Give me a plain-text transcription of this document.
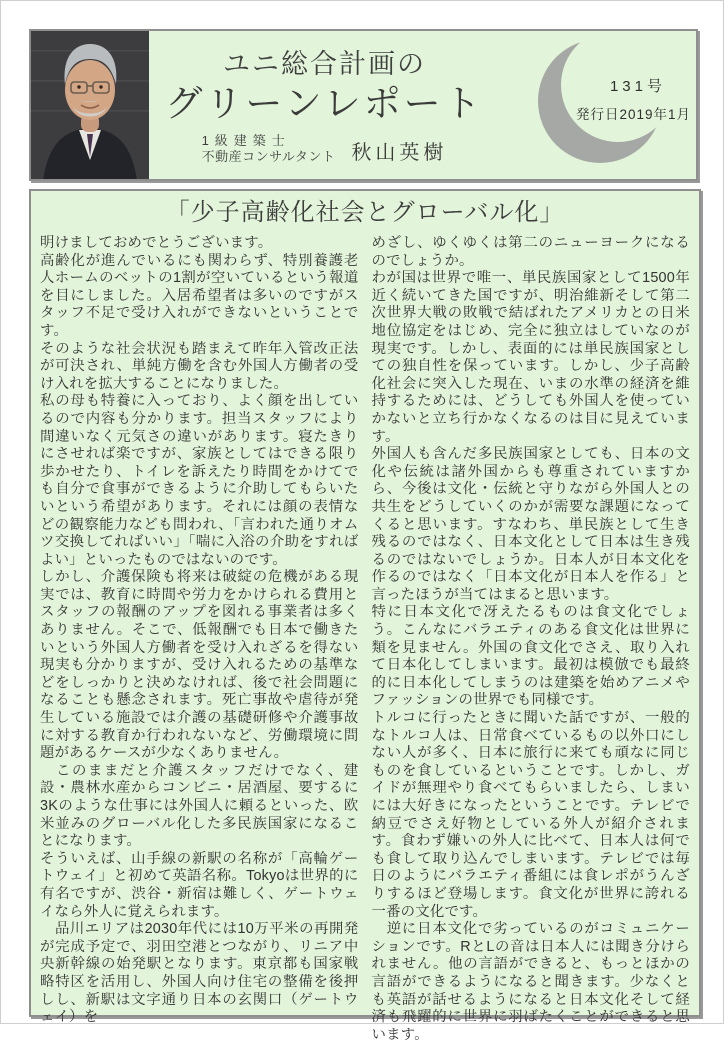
ユニ総合計画の
グリーンレポート
1級建築士
不動産コンサルタント 秋山英樹
131号
発行日2019年1月
「少子高齢化社会とグローバル化」

明けましておめでとうございます。

高齢化が進んでいるにも関わらず、特別養護老人ホームのベットの1割が空いているという報道を目にしました。入居希望者は多いのですがスタッフ不足で受け入れができないということです。

そのような社会状況も踏まえて昨年入管改正法が可決され、単純方働を含む外国人方働者の受け入れを拡大することになりました。

私の母も特養に入っており、よく顔を出しているので内容も分かります。担当スタッフにより間違いなく元気さの違いがあります。寝たきりにさせれば楽ですが、家族としてはできる限り歩かせたり、トイレを訴えたり時間をかけてでも自分で食事ができるように介助してもらいたいという希望があります。それには顔の表情などの観察能力なども問われ、「言われた通りオムツ交換してればいい」「喘に入浴の介助をすればよい」といったものではないのです。

しかし、介護保険も将来は破綻の危機がある現実では、教育に時間や労力をかけられる費用とスタッフの報酬のアップを図れる事業者は多くありません。そこで、低報酬でも日本で働きたいという外国人方働者を受け入れざるを得ない現実も分かりますが、受け入れるための基準などをしっかりと決めなければ、後で社会問題になることも懸念されます。死亡事故や虐待が発生している施設では介護の基礎研修や介護事故に対する教育か行われないなど、労働環境に問題があるケースが少なくありません。

　このままだと介護スタッフだけでなく、建設・農林水産からコンビニ・居酒屋、要するに3Kのような仕事には外国人に頼るといった、欧米並みのグローバル化した多民族国家になることになります。

そういえば、山手線の新駅の名称が「高輪ゲートウェイ」と初めて英語名称。Tokyoは世界的に有名ですが、渋谷・新宿は難しく、ゲートウェイなら外人に覚えられます。

　品川エリアは2030年代には10万平米の再開発が完成予定で、羽田空港とつながり、リニア中央新幹線の始発駅となります。東京都も国家戦略特区を活用し、外国人向け住宅の整備を後押しし、新駅は文字通り日本の玄関口（ゲートウェイ）を

めざし、ゆくゆくは第二のニューヨークになるのでしょうか。

わが国は世界で唯一、単民族国家として1500年近く続いてきた国ですが、明治維新そして第二次世界大戦の敗戦で結ばれたアメリカとの日米地位協定をはじめ、完全に独立はしていなのが現実です。しかし、表面的には単民族国家としての独自性を保っています。しかし、少子高齢化社会に突入した現在、いまの水準の経済を維持するためには、どうしても外国人を使っていかないと立ち行かなくなるのは目に見えています。

外国人も含んだ多民族国家としても、日本の文化や伝統は諸外国からも尊重されていますから、今後は文化・伝統と守りながら外国人との共生をどうしていくのかが需要な課題になってくると思います。すなわち、単民族として生き残るのではなく、日本文化として日本は生き残るのではないでしょうか。日本人が日本文化を作るのではなく「日本文化が日本人を作る」と言ったほうが当てはまると思います。

特に日本文化で冴えたるものは食文化でしょう。こんなにバラエティのある食文化は世界に類を見ません。外国の食文化でさえ、取り入れて日本化してしまいます。最初は模倣でも最終的に日本化してしまうのは建築を始めアニメやファッションの世界でも同様です。

トルコに行ったときに聞いた話ですが、一般的なトルコ人は、日常食べているもの以外口にしない人が多く、日本に旅行に来ても頑なに同じものを食しているということです。しかし、ガイドが無理やり食べてもらいましたら、しまいには大好きになったということです。テレビで納豆でさえ好物としている外人が紹介されます。食わず嫌いの外人に比べて、日本人は何でも食して取り込んでしまいます。テレビでは毎日のようにバラエティ番組には食レポがうんざりするほど登場します。食文化が世界に誇れる一番の文化です。

　逆に日本文化で劣っているのがコミュニケーションです。RとLの音は日本人には聞き分けられません。他の言語ができると、もっとほかの言語ができるようになると聞きます。少なくとも英語が話せるようになると日本文化そして経済も飛躍的に世界に羽ばたくことができると思います。
